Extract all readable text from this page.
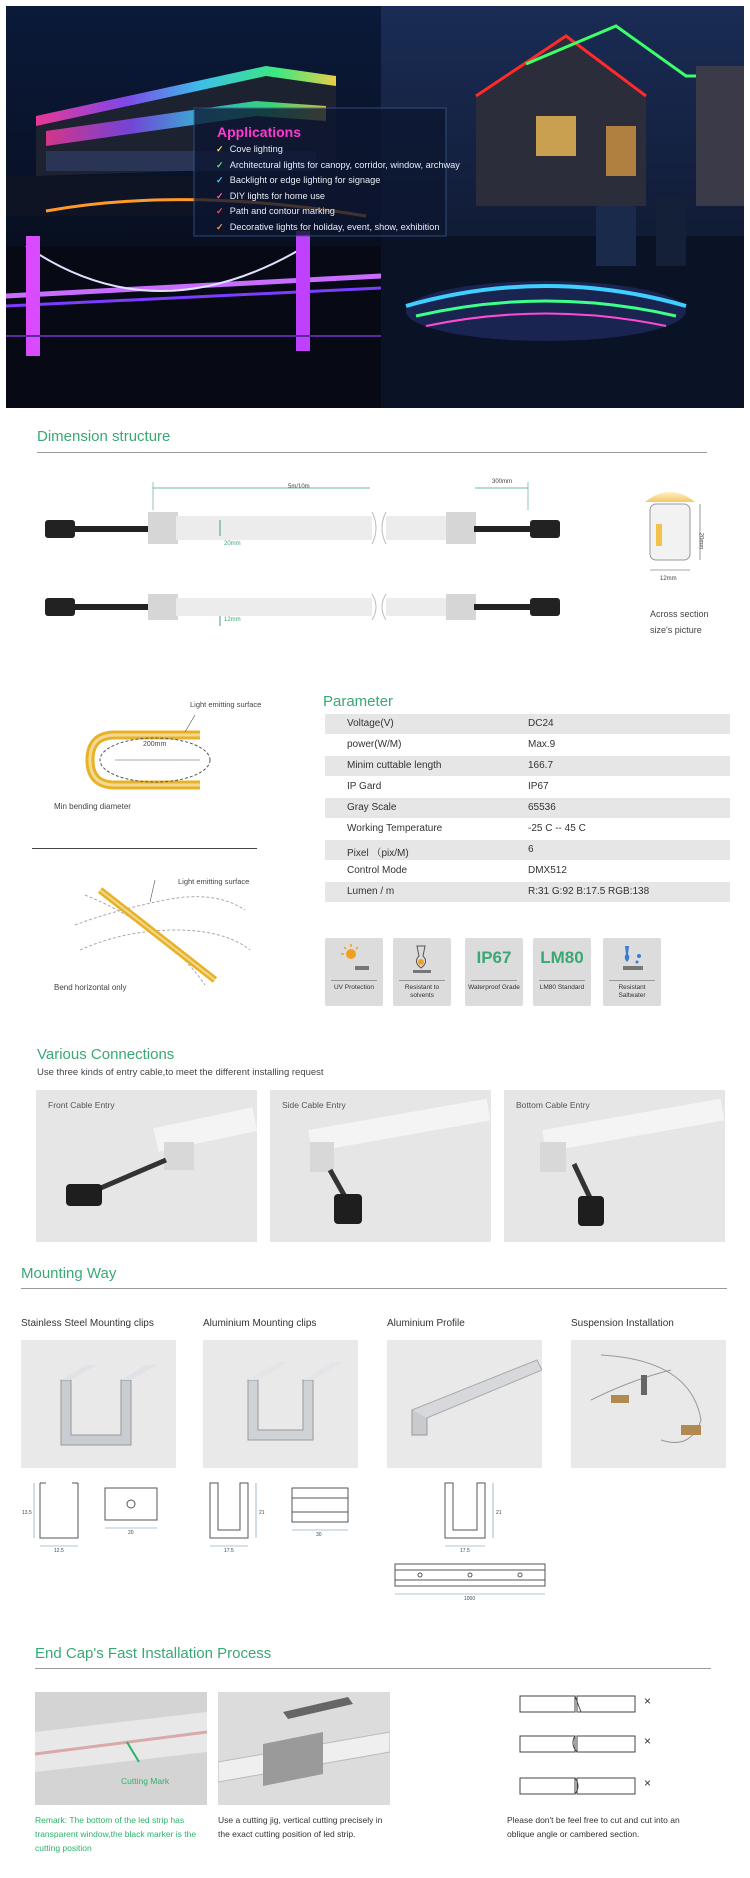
Applications
✓ Cove lighting
✓ Architectural lights for canopy, corridor, window, archway
✓ Backlight or edge lighting for signage
✓ DIY lights for home use
✓ Path and contour marking
✓ Decorative lights for holiday, event, show, exhibition
Dimension structure
5m/10m
300mm
20mm
12mm
20mm
12mm
Across section
size's picture
Light emitting surface
200mm
Min bending diameter
Light emitting surface
Bend horizontal only
Parameter
Voltage(V)	DC24
power(W/M)	Max.9
Minim cuttable length	166.7
IP Gard	IP67
Gray Scale	65536
Working Temperature	-25 C -- 45 C
Pixel （pix/M)	6
Control Mode	DMX512
Lumen / m	R:31 G:92 B:17.5 RGB:138
UV Protection	Resistant to solvents
IP67
Waterproof Grade
LM80
LM80 Standard	Resistant Saltwater
Various Connections
Use three kinds of entry cable,to meet the different installing request
Front Cable Entry	Side Cable Entry	Bottom Cable Entry
Mounting Way
Stainless Steel Mounting clips	Aluminium Mounting clips	Aluminium Profile	Suspension Installation
12.5
13.5
20
17.5
21
30
17.5
21
1000
End Cap's Fast Installation Process
Cutting Mark
×
×
×
Remark: The bottom of the led strip has transparent window,the black marker is the cutting position
Use a cutting jig, vertical cutting precisely in the exact cutting position of led strip.
Please don't be feel free to cut and cut into an oblique angle or cambered section.
